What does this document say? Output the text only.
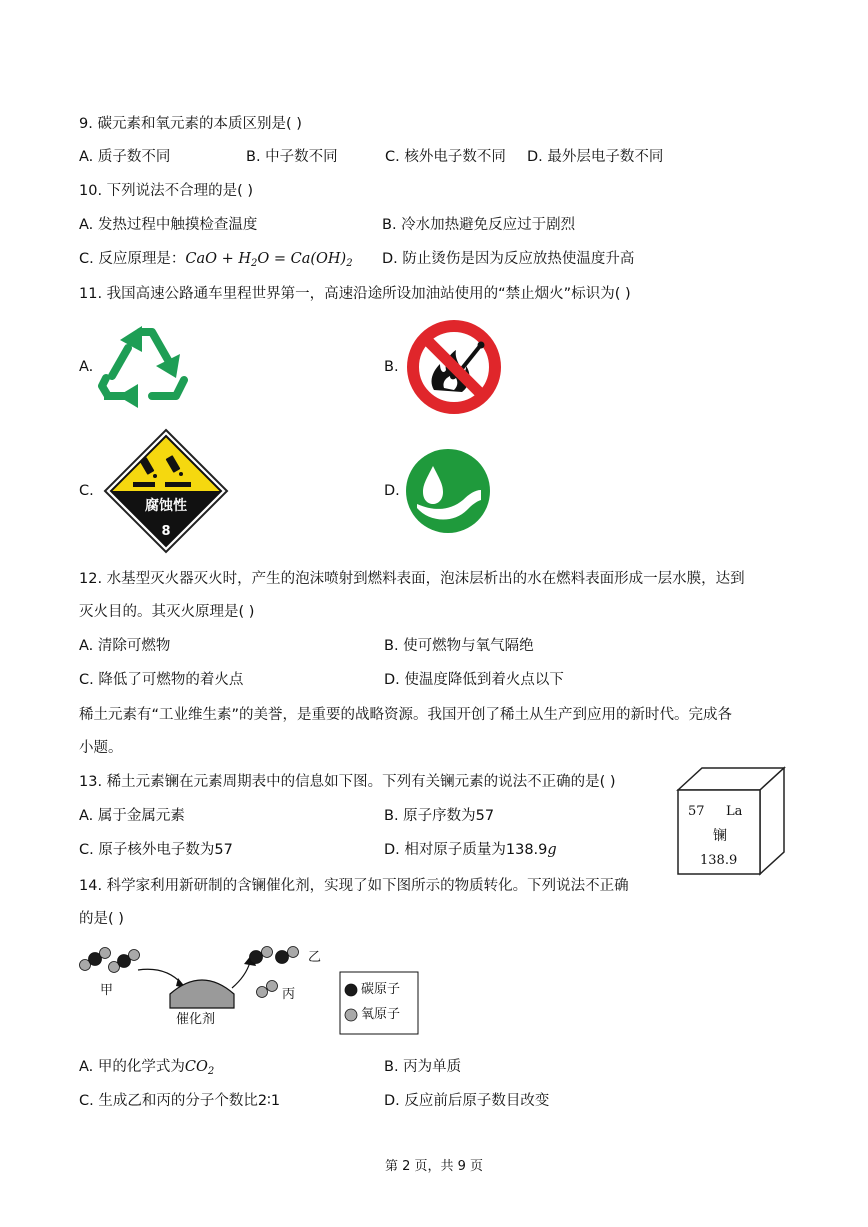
9. 碳元素和氧元素的本质区别是( )
A. 质子数不同	B. 中子数不同	C. 核外电子数不同 D. 最外层电子数不同
10. 下列说法不合理的是( )
A. 发热过程中触摸检查温度	B. 冷水加热避免反应过于剧烈
C. 反应原理是：CaO + $H_2O = Ca(OH)_2$ D. 防止烫伤是因为反应放热使温度升高
11. 我国高速公路通车里程世界第一，高速沿途所设加油站使用的“禁止烟火”标识为( )
A.	B.
C.	D.
腐蚀性
8
12. 水基型灭火器灭火时，产生的泡沫喷射到燃料表面，泡沫层析出的水在燃料表面形成一层水膜，达到
灭火目的。其灭火原理是( )
A. 清除可燃物	B. 使可燃物与氧气隔绝
C. 降低了可燃物的着火点	D. 使温度降低到着火点以下
稀土元素有“工业维生素”的美誉，是重要的战略资源。我国开创了稀土从生产到应用的新时代。完成各
小题。
13. 稀土元素镧在元素周期表中的信息如下图。下列有关镧元素的说法不正确的是( )
A. 属于金属元素	B. 原子序数为57
C. 原子核外电子数为57	D. 相对原子质量为138.9g
57 La
镧
138.9
14. 科学家利用新研制的含镧催化剂，实现了如下图所示的物质转化。下列说法不正确
的是( )
甲
乙
丙
催化剂
碳原子
氧原子
A. 甲的化学式为$CO_2$	B. 丙为单质
C. 生成乙和丙的分子个数比2∶1	D. 反应前后原子数目改变
第 2 页，共 9 页
